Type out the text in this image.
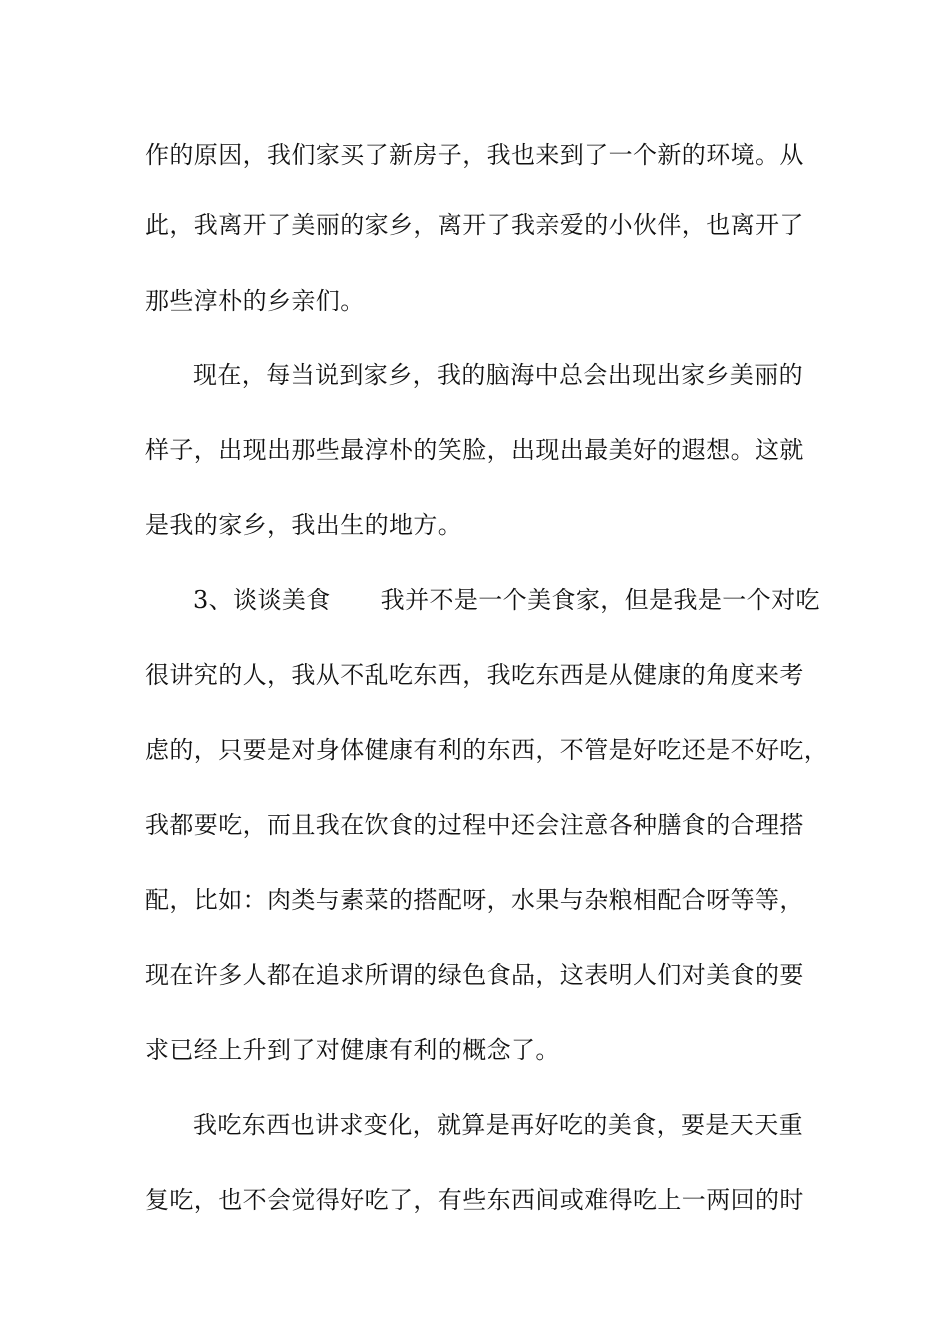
作的原因，我们家买了新房子，我也来到了一个新的环境。从
此，我离开了美丽的家乡，离开了我亲爱的小伙伴，也离开了
那些淳朴的乡亲们。
现在，每当说到家乡，我的脑海中总会出现出家乡美丽的
样子，出现出那些最淳朴的笑脸，出现出最美好的遐想。这就
是我的家乡，我出生的地方。
3、谈谈美食 我并不是一个美食家，但是我是一个对吃
很讲究的人，我从不乱吃东西，我吃东西是从健康的角度来考
虑的，只要是对身体健康有利的东西，不管是好吃还是不好吃，
我都要吃，而且我在饮食的过程中还会注意各种膳食的合理搭
配，比如：肉类与素菜的搭配呀，水果与杂粮相配合呀等等，
现在许多人都在追求所谓的绿色食品，这表明人们对美食的要
求已经上升到了对健康有利的概念了。
我吃东西也讲求变化，就算是再好吃的美食，要是天天重
复吃，也不会觉得好吃了，有些东西间或难得吃上一两回的时
